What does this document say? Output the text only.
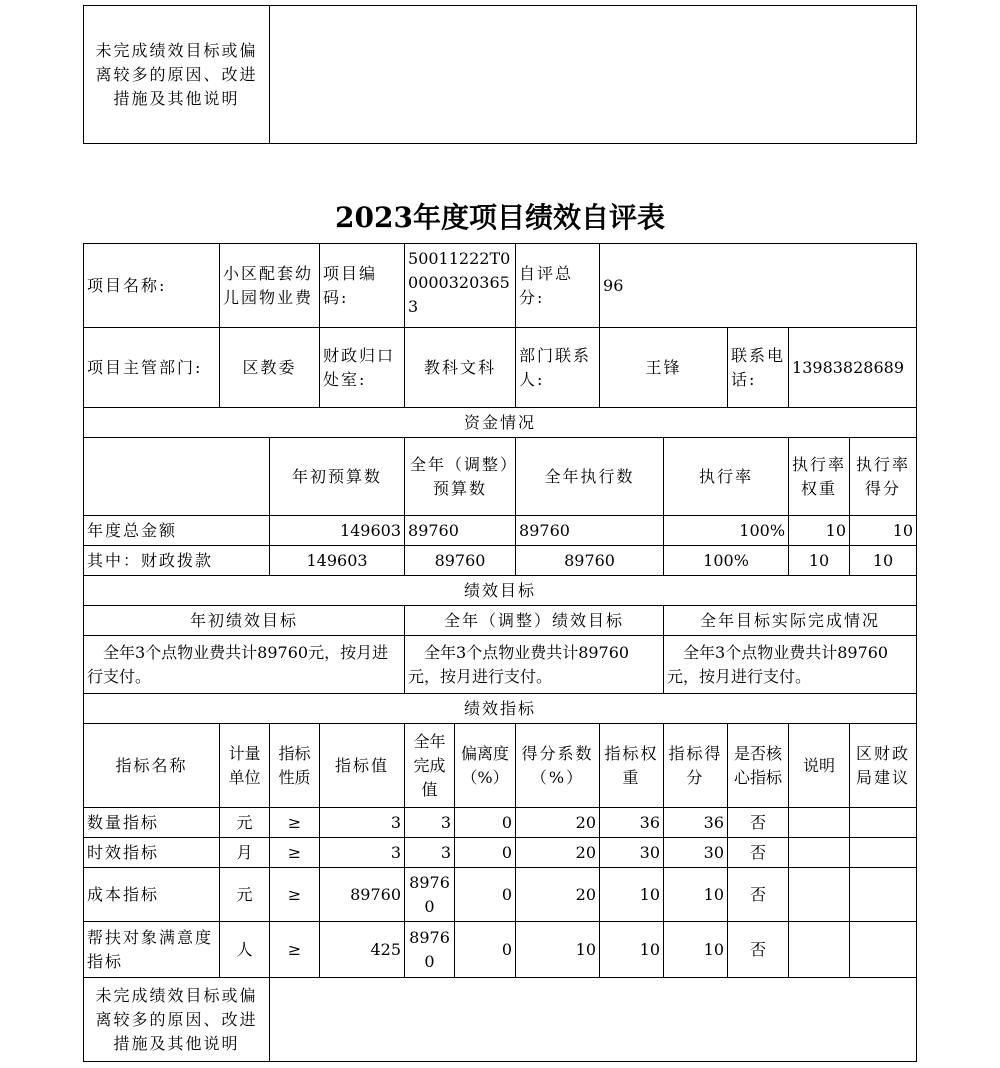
未完成绩效目标或偏离较多的原因、改进措施及其他说明	
2023年度项目绩效自评表
项目名称:	小区配套幼儿园物业费		项目编码:	50011222T000003203653		自评总分:	96				
项目主管部门:	区教委		财政归口处室:	教科文科		部门联系人:	王锋		联系电话:	13983828689	
资金情况											
		年初预算数		全年（调整）预算数		全年执行数		执行率		执行率权重	执行率得分
年度总金额		149603		89760		89760		100%		10	10
其中：财政拨款		149603		89760		89760		100%		10	10
绩效目标											
年初绩效目标				全年（调整）绩效目标				全年目标实际完成情况			
全年3个点物业费共计89760元，按月进行支付。				全年3个点物业费共计89760元，按月进行支付。				全年3个点物业费共计89760元，按月进行支付。			
绩效指标											
指标名称	计量单位	指标性质	指标值	全年完成值	偏离度（%）	得分系数（%）	指标权重	指标得分	是否核心指标	说明	区财政局建议
数量指标	元	≥	3	3	0	20	36	36	否		
时效指标	月	≥	3	3	0	20	30	30	否		
成本指标	元	≥	89760	89760	0	20	10	10	否		
帮扶对象满意度指标	人	≥	425	89760	0	10	10	10	否		
未完成绩效目标或偏离较多的原因、改进措施及其他说明											
